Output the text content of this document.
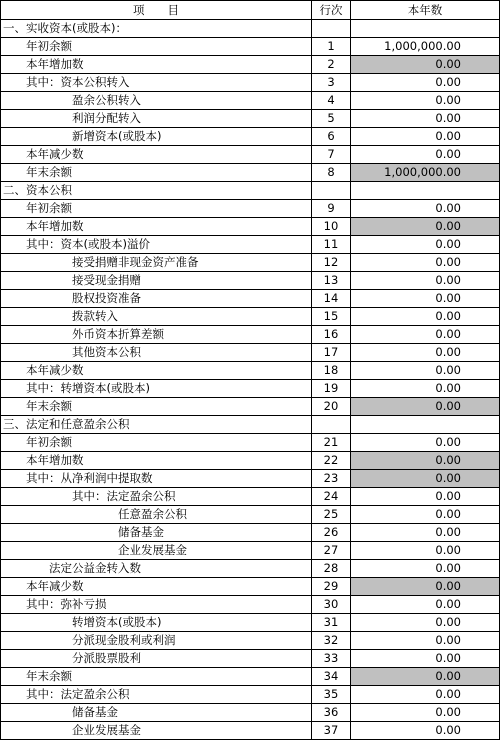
项　　目	行次	本年数
一、实收资本(或股本)：		
年初余额	1	1,000,000.00
本年增加数	2	0.00
其中：资本公积转入	3	0.00
盈余公积转入	4	0.00
利润分配转入	5	0.00
新增资本(或股本)	6	0.00
本年减少数	7	0.00
年末余额	8	1,000,000.00
二、资本公积		
年初余额	9	0.00
本年增加数	10	0.00
其中：资本(或股本)溢价	11	0.00
接受捐赠非现金资产准备	12	0.00
接受现金捐赠	13	0.00
股权投资准备	14	0.00
拨款转入	15	0.00
外币资本折算差额	16	0.00
其他资本公积	17	0.00
本年减少数	18	0.00
其中：转增资本(或股本)	19	0.00
年末余额	20	0.00
三、法定和任意盈余公积		
年初余额	21	0.00
本年增加数	22	0.00
其中：从净利润中提取数	23	0.00
其中：法定盈余公积	24	0.00
任意盈余公积	25	0.00
储备基金	26	0.00
企业发展基金	27	0.00
法定公益金转入数	28	0.00
本年减少数	29	0.00
其中：弥补亏损	30	0.00
转增资本(或股本)	31	0.00
分派现金股利或利润	32	0.00
分派股票股利	33	0.00
年末余额	34	0.00
其中：法定盈余公积	35	0.00
储备基金	36	0.00
企业发展基金	37	0.00
